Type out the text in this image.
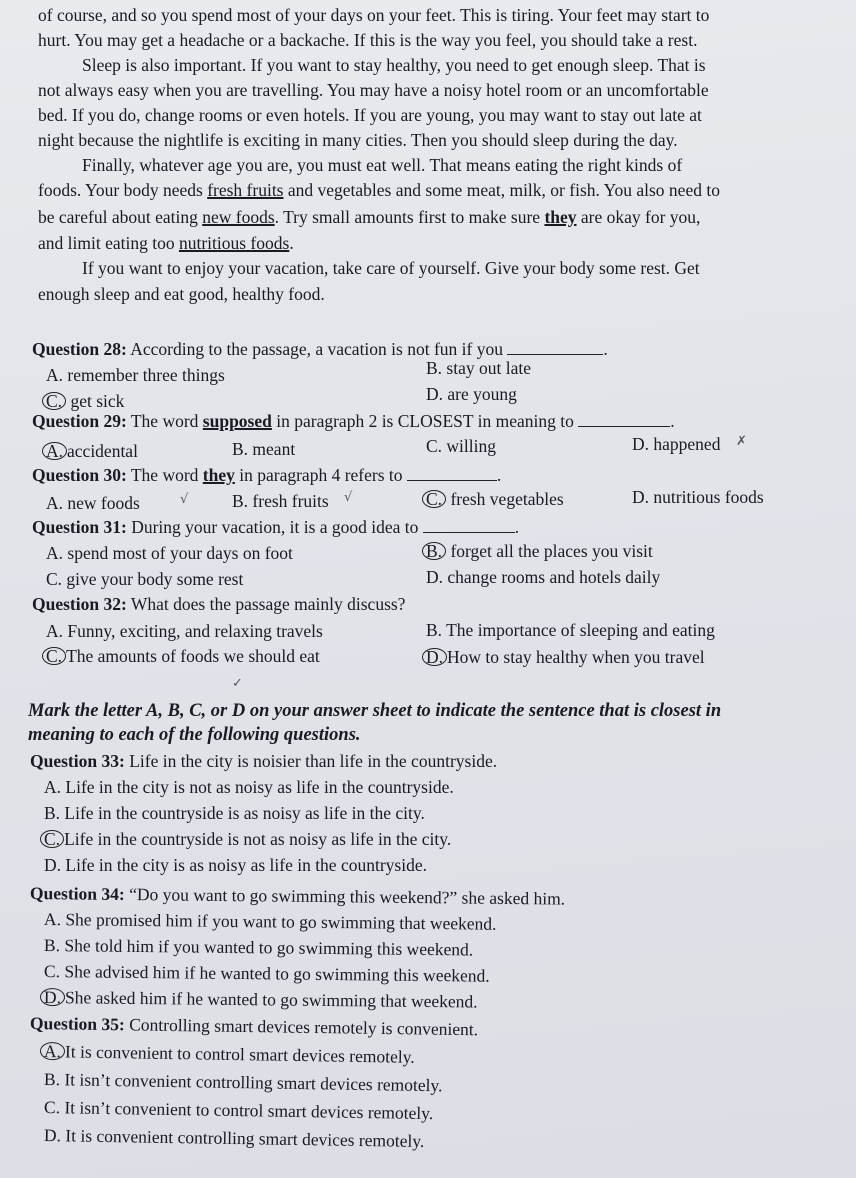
of course, and so you spend most of your days on your feet. This is tiring. Your feet may start to
hurt. You may get a headache or a backache. If this is the way you feel, you should take a rest.
Sleep is also important. If you want to stay healthy, you need to get enough sleep. That is
not always easy when you are travelling. You may have a noisy hotel room or an uncomfortable
bed. If you do, change rooms or even hotels. If you are young, you may want to stay out late at
night because the nightlife is exciting in many cities. Then you should sleep during the day.
Finally, whatever age you are, you must eat well. That means eating the right kinds of
foods. Your body needs fresh fruits and vegetables and some meat, milk, or fish. You also need to
be careful about eating new foods. Try small amounts first to make sure they are okay for you,
and limit eating too nutritious foods.
If you want to enjoy your vacation, take care of yourself. Give your body some rest. Get
enough sleep and eat good, healthy food.
Question 28: According to the passage, a vacation is not fun if you	.
A. remember three things	B. stay out late
C. get sick	D. are young
Question 29: The word supposed in paragraph 2 is CLOSEST in meaning to	.
A. accidental	B. meant	C. willing	D. happened ✗
Question 30: The word they in paragraph 4 refers to	.
A. new foods	√ B. fresh fruits √	C. fresh vegetables	D. nutritious foods
Question 31: During your vacation, it is a good idea to	.
A. spend most of your days on foot	B. forget all the places you visit
C. give your body some rest	D. change rooms and hotels daily
Question 32: What does the passage mainly discuss?
A. Funny, exciting, and relaxing travels	B. The importance of sleeping and eating
C. The amounts of foods we should eat	D. How to stay healthy when you travel
✓
Mark the letter A, B, C, or D on your answer sheet to indicate the sentence that is closest in
meaning to each of the following questions.
Question 33: Life in the city is noisier than life in the countryside.
A. Life in the city is not as noisy as life in the countryside.
B. Life in the countryside is as noisy as life in the city.
C. Life in the countryside is not as noisy as life in the city.
D. Life in the city is as noisy as life in the countryside.
Question 34: “Do you want to go swimming this weekend?” she asked him.
A. She promised him if you want to go swimming that weekend.
B. She told him if you wanted to go swimming this weekend.
C. She advised him if he wanted to go swimming this weekend.
D. She asked him if he wanted to go swimming that weekend.
Question 35: Controlling smart devices remotely is convenient.
A. It is convenient to control smart devices remotely.
B. It isn’t convenient controlling smart devices remotely.
C. It isn’t convenient to control smart devices remotely.
D. It is convenient controlling smart devices remotely.
